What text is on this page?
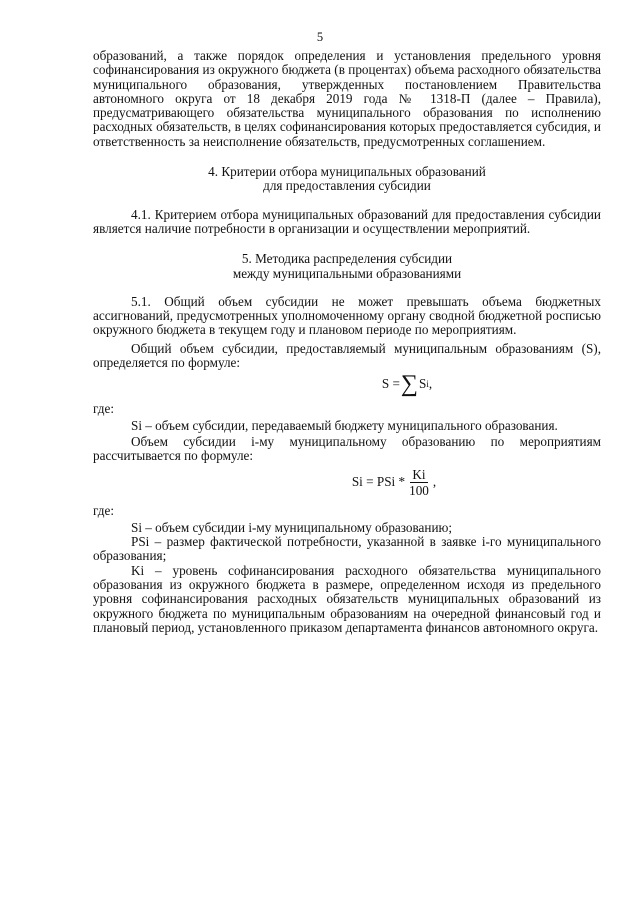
5

образований, а также порядок определения и установления предельного уровня софинансирования из окружного бюджета (в процентах) объема расходного обязательства муниципального образования, утвержденных постановлением Правительства автономного округа от 18 декабря 2019 года № 1318-П (далее – Правила), предусматривающего обязательства муниципального образования по исполнению расходных обязательств, в целях софинансирования которых предоставляется субсидия, и ответственность за неисполнение обязательств, предусмотренных соглашением.

4. Критерии отбора муниципальных образований

для предоставления субсидии

4.1. Критерием отбора муниципальных образований для предоставления субсидии является наличие потребности в организации и осуществлении мероприятий.

5. Методика распределения субсидии

между муниципальными образованиями

5.1. Общий объем субсидии не может превышать объема бюджетных ассигнований, предусмотренных уполномоченному органу сводной бюджетной росписью окружного бюджета в текущем году и плановом периоде по мероприятиям.

Общий объем субсидии, предоставляемый муниципальным образованиям (S), определяется по формуле:

S = ∑ S i ,

где:

Si – объем субсидии, передаваемый бюджету муниципального образования.

Объем субсидии i-му муниципальному образованию по мероприятиям рассчитывается по формуле:

Si = PSi * $\frac{Ki}{100}$ ,

где:

Si – объем субсидии i-му муниципальному образованию;

PSi – размер фактической потребности, указанной в заявке i-го муниципального образования;

Ki – уровень софинансирования расходного обязательства муниципального образования из окружного бюджета в размере, определенном исходя из предельного уровня софинансирования расходных обязательств муниципальных образований из окружного бюджета по муниципальным образованиям на очередной финансовый год и плановый период, установленного приказом департамента финансов автономного округа.
